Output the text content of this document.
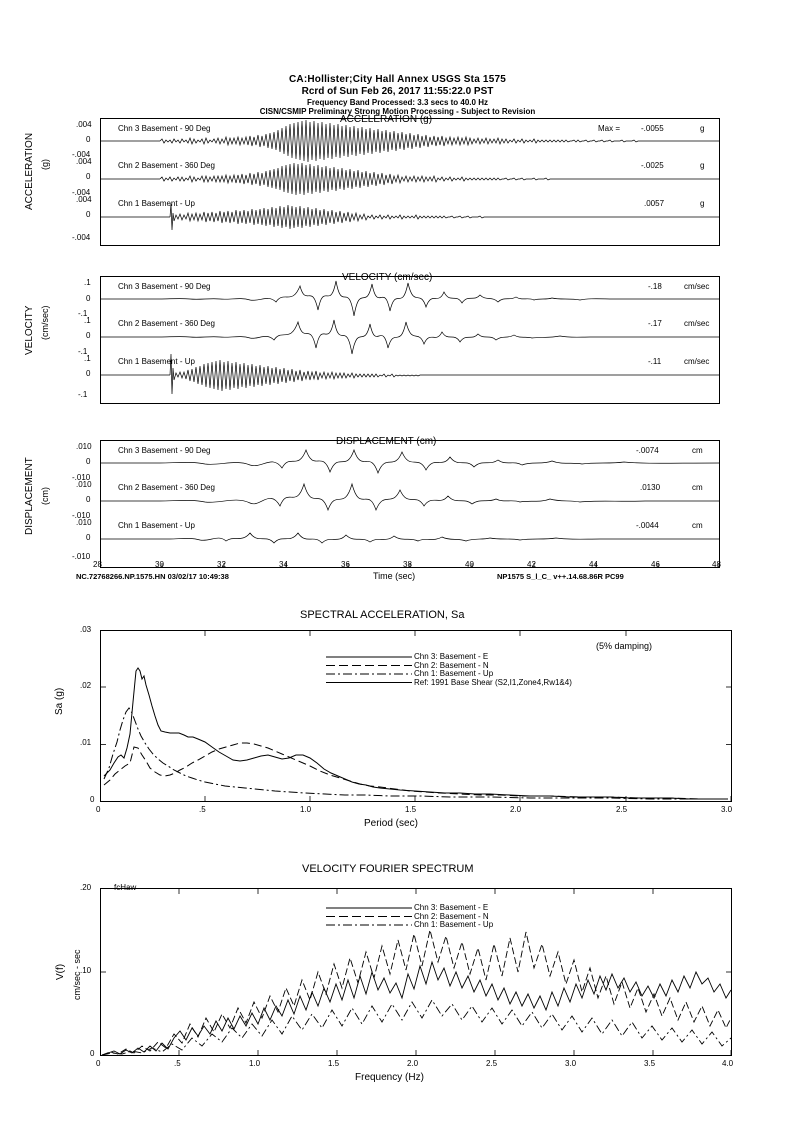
CA:Hollister;City Hall Annex USGS Sta 1575
Rcrd of Sun Feb 26, 2017 11:55:22.0 PST
Frequency Band Processed: 3.3 secs to 40.0 Hz
CISN/CSMIP Preliminary Strong Motion Processing - Subject to Revision
ACCELERATION (g)
ACCELERATION (g)
.004
0
-.004
.004
0
-.004
.004
0
-.004
Chn 3 Basement - 90 Deg
Chn 2 Basement - 360 Deg
Chn 1 Basement - Up
Max =	-.0055	g
-.0025	g
.0057	g
VELOCITY (cm/sec)
VELOCITY (cm/sec)
.1
0
-.1
.1
0
-.1
.1
0
-.1
Chn 3 Basement - 90 Deg
Chn 2 Basement - 360 Deg
Chn 1 Basement - Up
-.18	cm/sec
-.17	cm/sec
-.11	cm/sec
DISPLACEMENT (cm)
DISPLACEMENT (cm)
.010
0
-.010
.010
0
-.010
.010
0
-.010
Chn 3 Basement - 90 Deg
Chn 2 Basement - 360 Deg
Chn 1 Basement - Up
-.0074	cm
.0130	cm
-.0044	cm
28	30	32	34	36	38	40	42	44	46	48
Time (sec)
NC.72768266.NP.1575.HN 03/02/17 10:49:38	NP1575 S_l_C_ v++.14.68.86R PC99
SPECTRAL ACCELERATION, Sa
Sa (g)
.03
.02
.01
0
Chn 3: Basement - E
Chn 2: Basement - N
Chn 1: Basement - Up
Ref: 1991 Base Shear (S2,I1,Zone4,Rw1&4)
(5% damping)
0	.5	1.0	1.5	2.0	2.5	3.0
Period (sec)
VELOCITY FOURIER SPECTRUM
V(f) cm/sec - sec
.20
.10
0
fcHaw
Chn 3: Basement - E
Chn 2: Basement - N
Chn 1: Basement - Up
0	.5	1.0	1.5	2.0	2.5	3.0	3.5	4.0
Frequency (Hz)
